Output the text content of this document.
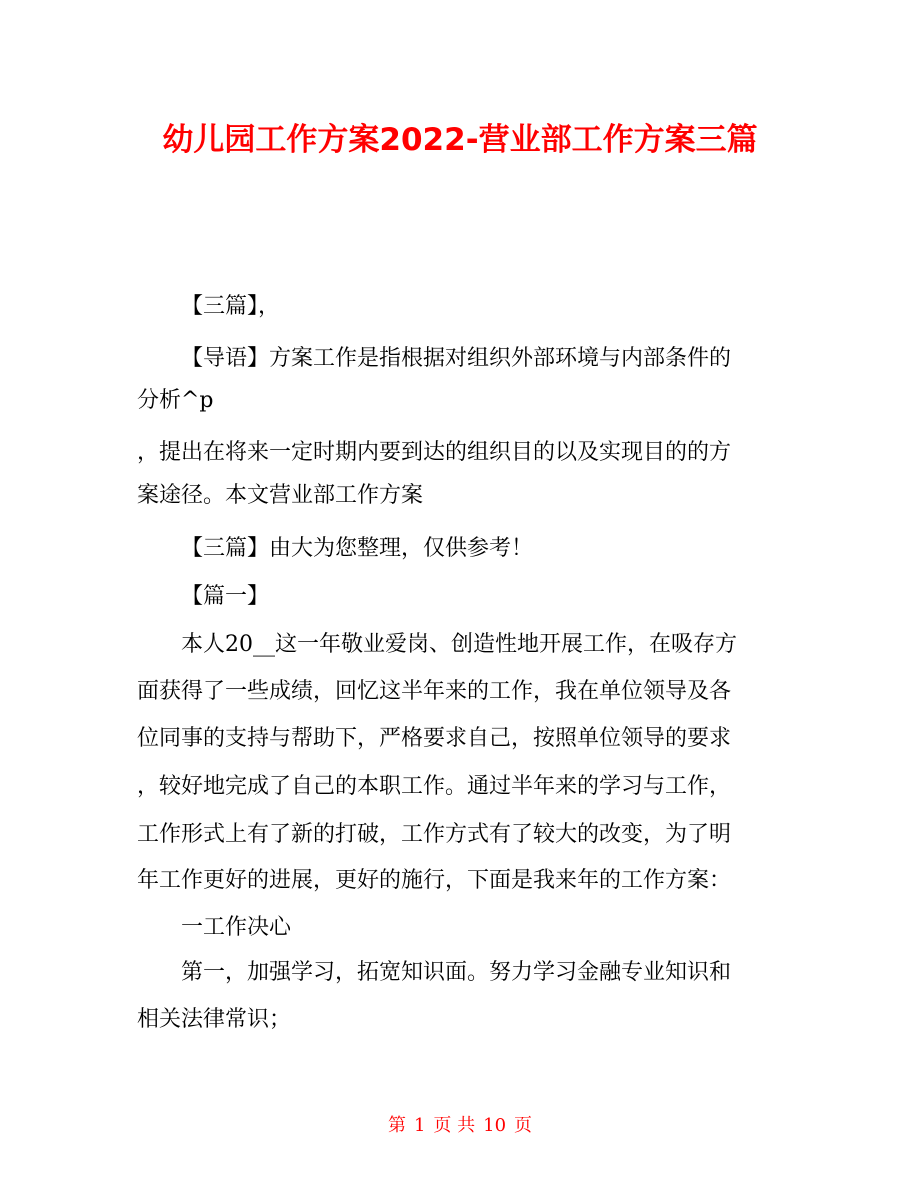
幼儿园工作方案2022-营业部工作方案三篇
【三篇】，
【导语】方案工作是指根据对组织外部环境与内部条件的
分析^p
，提出在将来一定时期内要到达的组织目的以及实现目的的方
案途径。本文营业部工作方案
【三篇】由大为您整理，仅供参考！
【篇一】
本人20__这一年敬业爱岗、创造性地开展工作，在吸存方
面获得了一些成绩，回忆这半年来的工作，我在单位领导及各
位同事的支持与帮助下，严格要求自己，按照单位领导的要求
，较好地完成了自己的本职工作。通过半年来的学习与工作，
工作形式上有了新的打破，工作方式有了较大的改变，为了明
年工作更好的进展，更好的施行，下面是我来年的工作方案：
一工作决心
第一，加强学习，拓宽知识面。努力学习金融专业知识和
相关法律常识；
第 1 页 共 10 页
